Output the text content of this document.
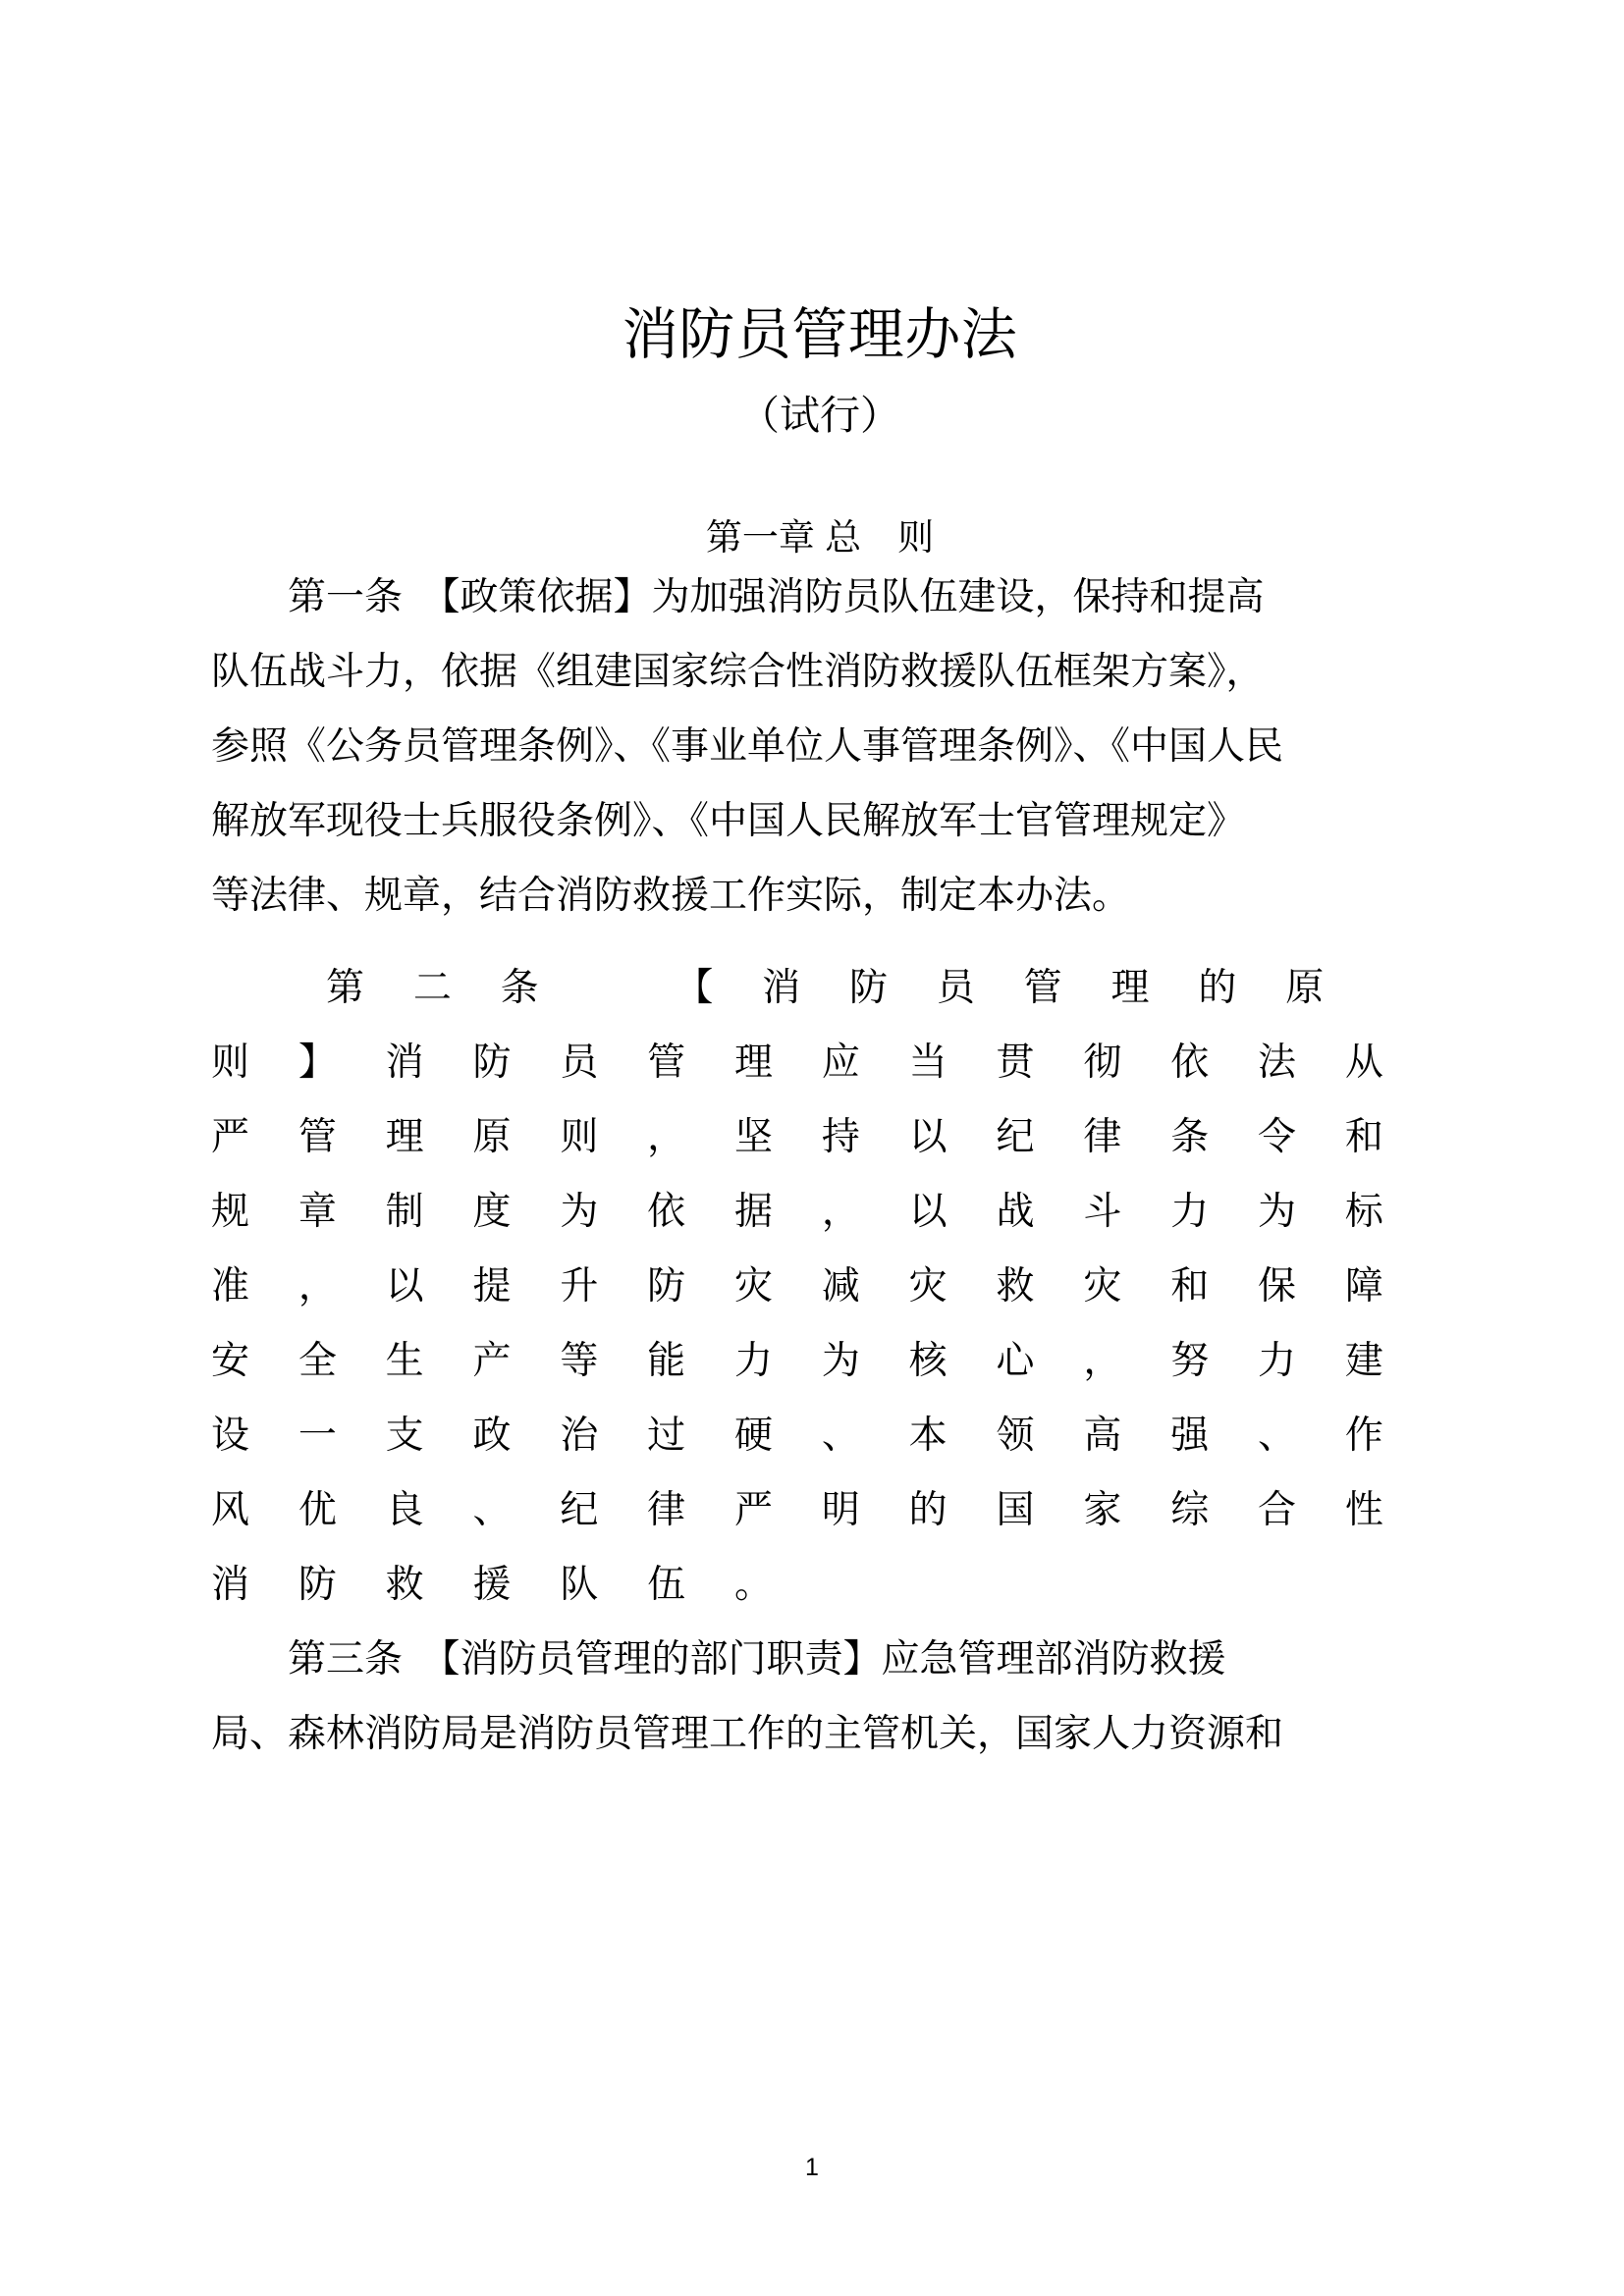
消防员管理办法
（试行）
第一章 总　则
　　第一条　【政策依据】为加强消防员队伍建设，保持和提高
队伍战斗力，依据《组建国家综合性消防救援队伍框架方案》，
参照《公务员管理条例》、《事业单位人事管理条例》、《中国人民
解放军现役士兵服役条例》、《中国人民解放军士官管理规定》
等法律、规章，结合消防救援工作实际，制定本办法。
　　第 二 条 　 【 消 防 员 管 理 的 原
则 】 消 防 员 管 理 应 当 贯 彻 依 法 从
严 管 理 原 则 ， 坚 持 以 纪 律 条 令 和
规 章 制 度 为 依 据 ， 以 战 斗 力 为 标
准 ， 以 提 升 防 灾 减 灾 救 灾 和 保 障
安 全 生 产 等 能 力 为 核 心 ， 努 力 建
设 一 支 政 治 过 硬 、 本 领 高 强 、 作
风 优 良 、 纪 律 严 明 的 国 家 综 合 性
消 防 救 援 队 伍 。
　　第三条　【消防员管理的部门职责】应急管理部消防救援
局、森林消防局是消防员管理工作的主管机关，国家人力资源和
1
